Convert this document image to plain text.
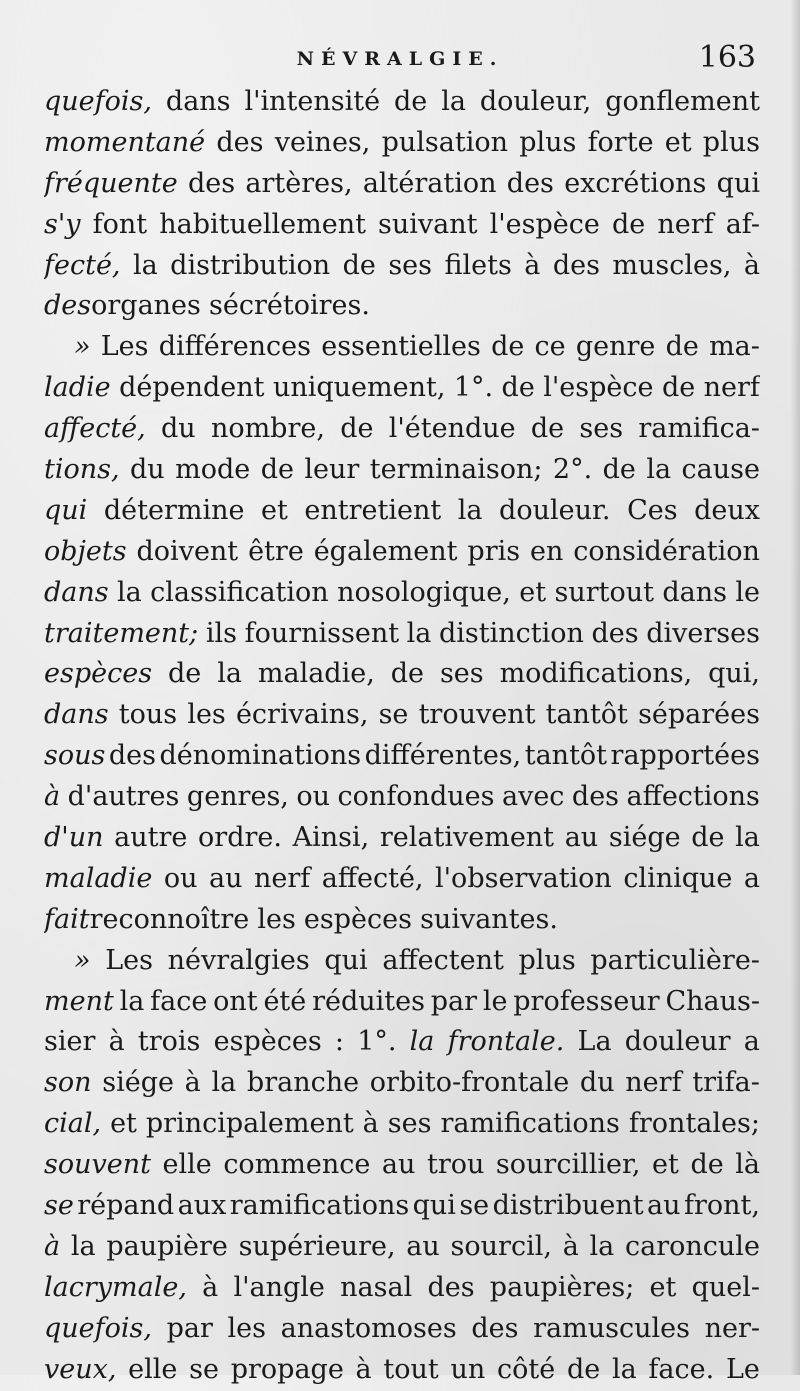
NÉVRALGIE.	163
quefois, dans l'intensité de la douleur, gonflement
momentané des veines, pulsation plus forte et plus
fréquente des artères, altération des excrétions qui
s'y font habituellement suivant l'espèce de nerf af-
fecté, la distribution de ses filets à des muscles, à
des organes sécrétoires.
» Les différences essentielles de ce genre de ma-
ladie dépendent uniquement, 1°. de l'espèce de nerf
affecté, du nombre, de l'étendue de ses ramifica-
tions, du mode de leur terminaison; 2°. de la cause
qui détermine et entretient la douleur. Ces deux
objets doivent être également pris en considération
dans la classification nosologique, et surtout dans le
traitement; ils fournissent la distinction des diverses
espèces de la maladie, de ses modifications, qui,
dans tous les écrivains, se trouvent tantôt séparées
sous des dénominations différentes, tantôt rapportées
à d'autres genres, ou confondues avec des affections
d'un autre ordre. Ainsi, relativement au siége de la
maladie ou au nerf affecté, l'observation clinique a
fait reconnoître les espèces suivantes.
» Les névralgies qui affectent plus particulière-
ment la face ont été réduites par le professeur Chaus-
sier à trois espèces : 1°. la frontale. La douleur a
son siége à la branche orbito-frontale du nerf trifa-
cial, et principalement à ses ramifications frontales;
souvent elle commence au trou sourcillier, et de là
se répand aux ramifications qui se distribuent au front,
à la paupière supérieure, au sourcil, à la caroncule
lacrymale, à l'angle nasal des paupières; et quel-
quefois, par les anastomoses des ramuscules ner-
veux, elle se propage à tout un côté de la face. Le
